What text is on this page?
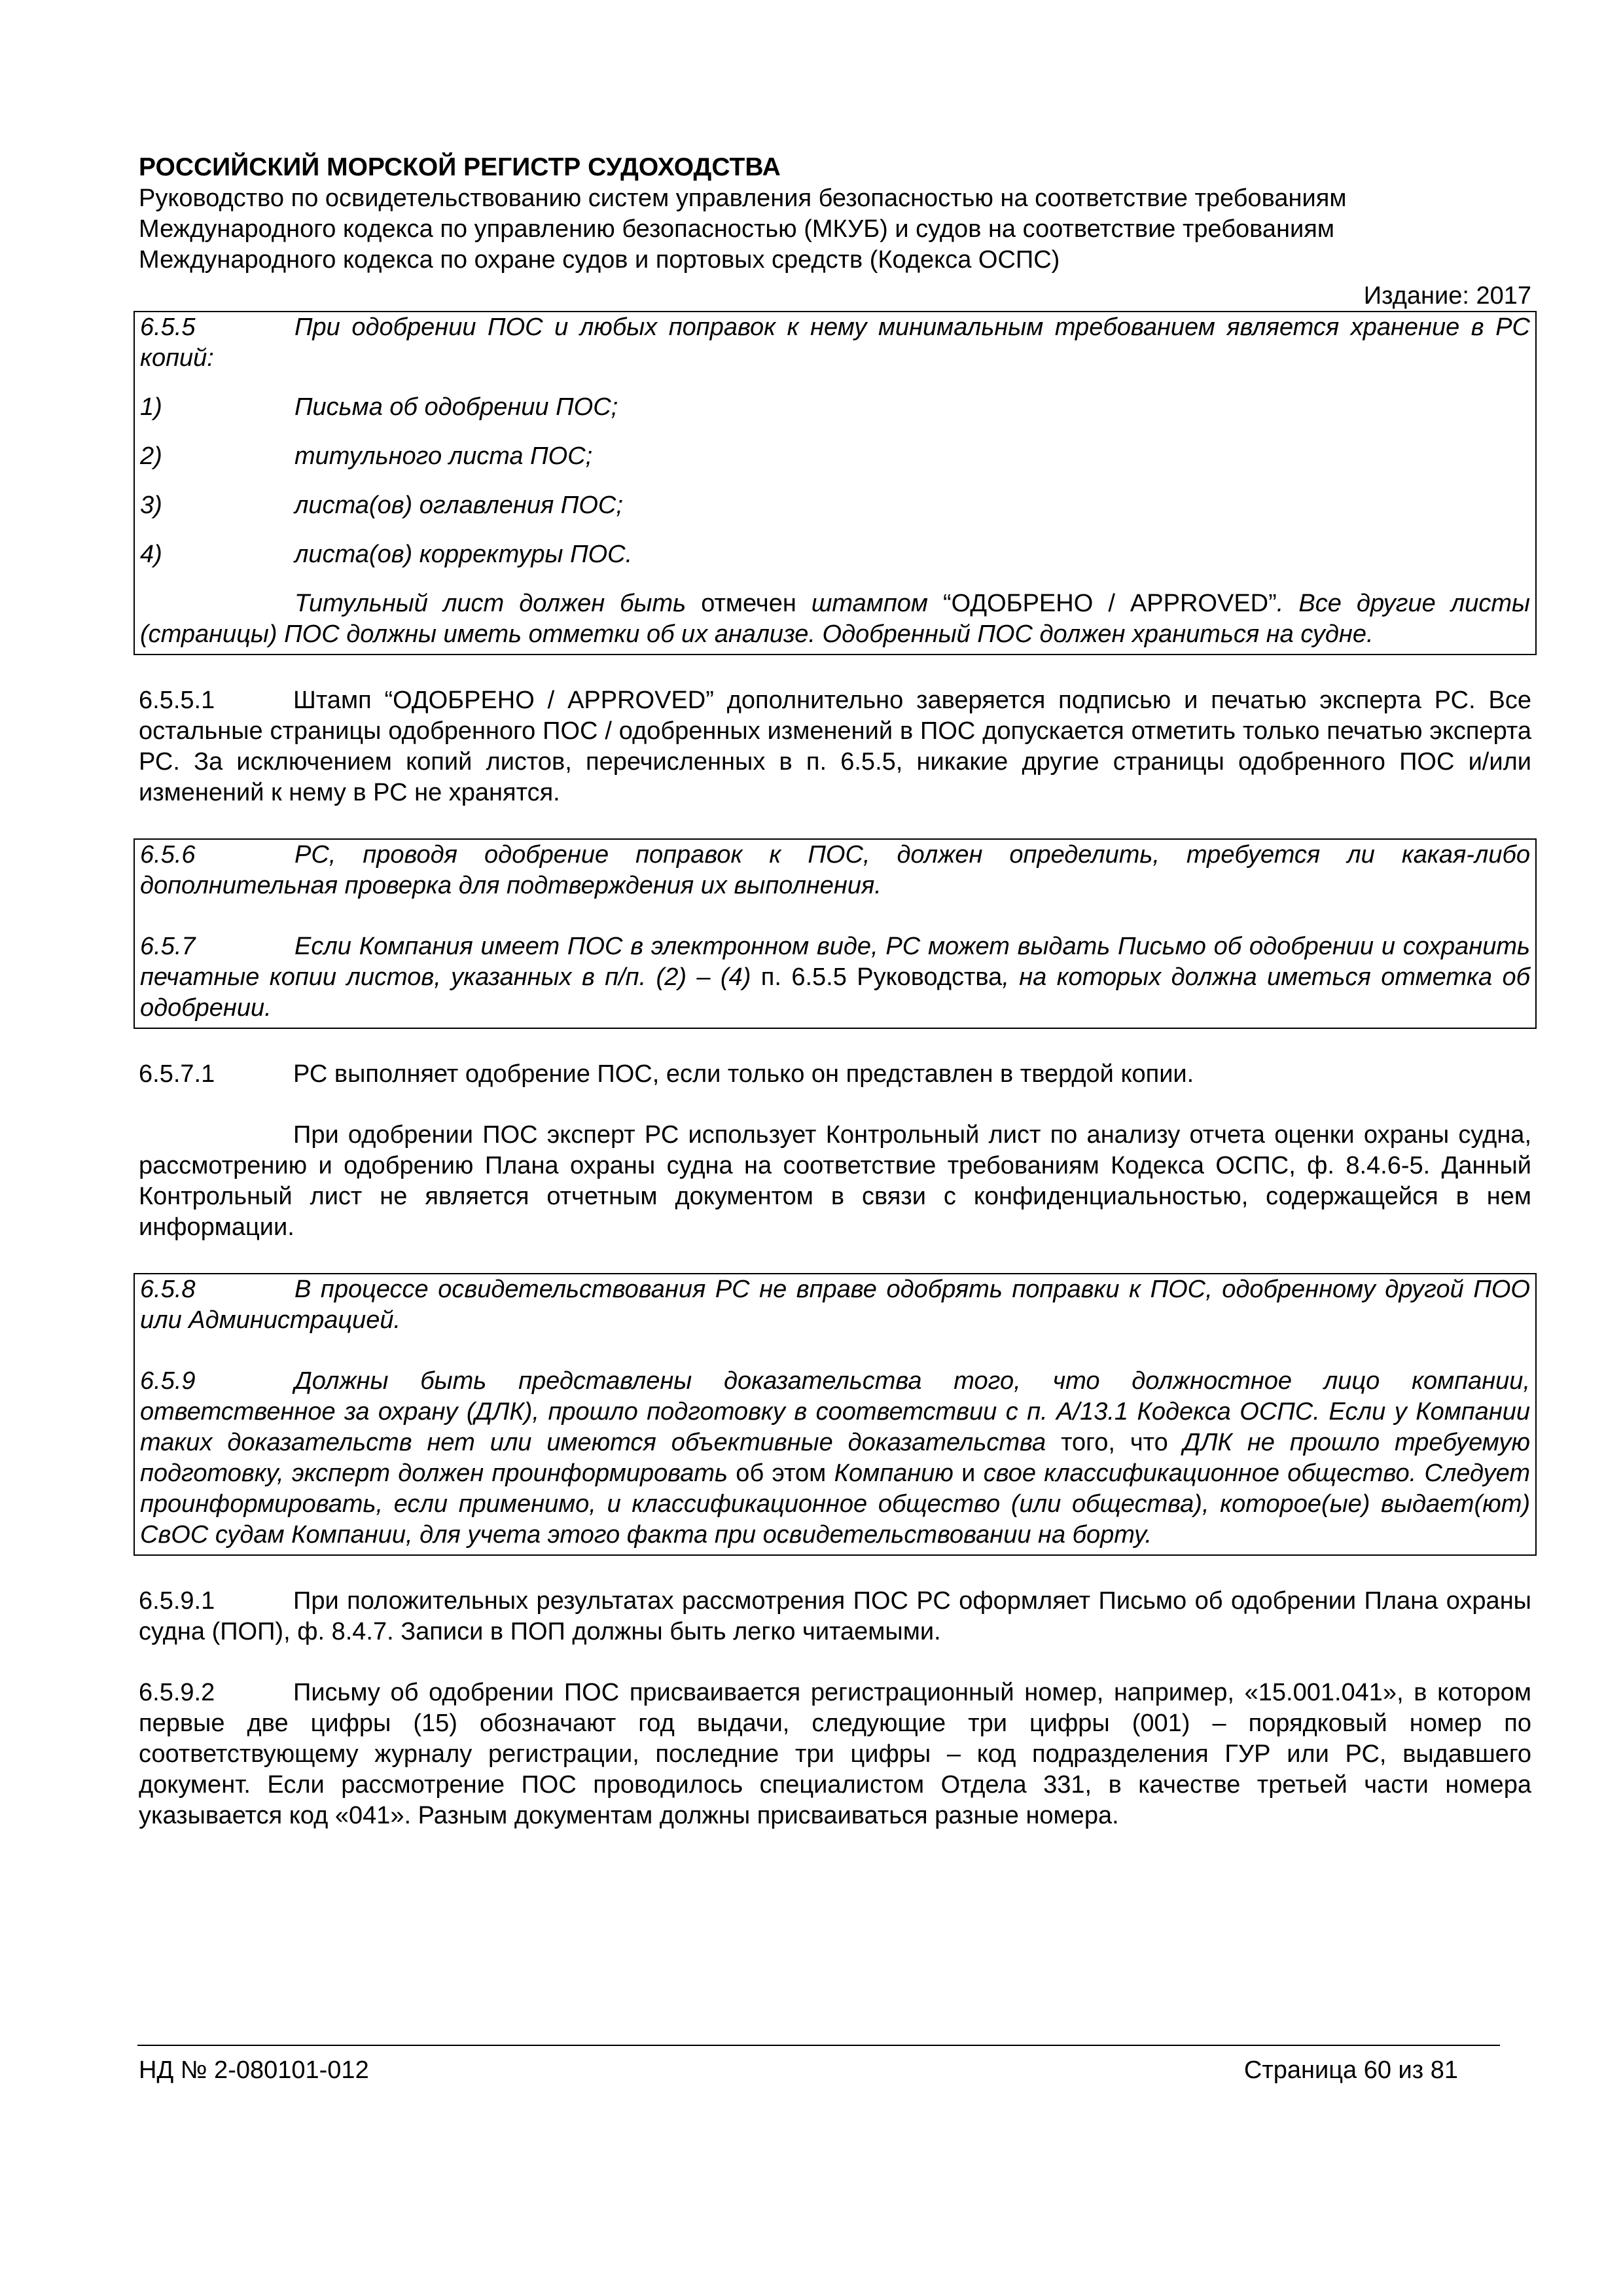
РОССИЙСКИЙ МОРСКОЙ РЕГИСТР СУДОХОДСТВА
Руководство по освидетельствованию систем управления безопасностью на соответствие требованиям
Международного кодекса по управлению безопасностью (МКУБ) и судов на соответствие требованиям
Международного кодекса по охране судов и портовых средств (Кодекса ОСПС)
Издание: 2017

6.5.5	При одобрении ПОС и любых поправок к нему минимальным требованием является хранение в РС копий:

1)	Письма об одобрении ПОС;
2)	титульного листа ПОС;
3)	листа(ов) оглавления ПОС;
4)	листа(ов) корректуры ПОС.

Титульный лист должен быть отмечен штампом “ОДОБРЕНО / APPROVED”. Все другие листы (страницы) ПОС должны иметь отметки об их анализе. Одобренный ПОС должен храниться на судне.

6.5.5.1	Штамп “ОДОБРЕНО / APPROVED” дополнительно заверяется подписью и печатью эксперта РС. Все остальные страницы одобренного ПОС / одобренных изменений в ПОС допускается отметить только печатью эксперта РС. За исключением копий листов, перечисленных в п. 6.5.5, никакие другие страницы одобренного ПОС и/или изменений к нему в РС не хранятся.

6.5.6	РС, проводя одобрение поправок к ПОС, должен определить, требуется ли какая-либо дополнительная проверка для подтверждения их выполнения.

6.5.7	Если Компания имеет ПОС в электронном виде, РС может выдать Письмо об одобрении и сохранить печатные копии листов, указанных в п/п. (2) – (4) п. 6.5.5 Руководства, на которых должна иметься отметка об одобрении.

6.5.7.1	РС выполняет одобрение ПОС, если только он представлен в твердой копии.

При одобрении ПОС эксперт РС использует Контрольный лист по анализу отчета оценки охраны судна, рассмотрению и одобрению Плана охраны судна на соответствие требованиям Кодекса ОСПС, ф. 8.4.6-5. Данный Контрольный лист не является отчетным документом в связи с конфиденциальностью, содержащейся в нем информации.

6.5.8	В процессе освидетельствования РС не вправе одобрять поправки к ПОС, одобренному другой ПОО или Администрацией.

6.5.9	Должны быть представлены доказательства того, что должностное лицо компании, ответственное за охрану (ДЛК), прошло подготовку в соответствии с п. А/13.1 Кодекса ОСПС. Если у Компании таких доказательств нет или имеются объективные доказательства того, что ДЛК не прошло требуемую подготовку, эксперт должен проинформировать об этом Компанию и свое классификационное общество. Следует проинформировать, если применимо, и классификационное общество (или общества), которое(ые) выдает(ют) СвОС судам Компании, для учета этого факта при освидетельствовании на борту.

6.5.9.1	При положительных результатах рассмотрения ПОС РС оформляет Письмо об одобрении Плана охраны судна (ПОП), ф. 8.4.7. Записи в ПОП должны быть легко читаемыми.

6.5.9.2	Письму об одобрении ПОС присваивается регистрационный номер, например, «15.001.041», в котором первые две цифры (15) обозначают год выдачи, следующие три цифры (001) – порядковый номер по соответствующему журналу регистрации, последние три цифры – код подразделения ГУР или РС, выдавшего документ. Если рассмотрение ПОС проводилось специалистом Отдела 331, в качестве третьей части номера указывается код «041». Разным документам должны присваиваться разные номера.

НД № 2-080101-012	Страница 60 из 81
